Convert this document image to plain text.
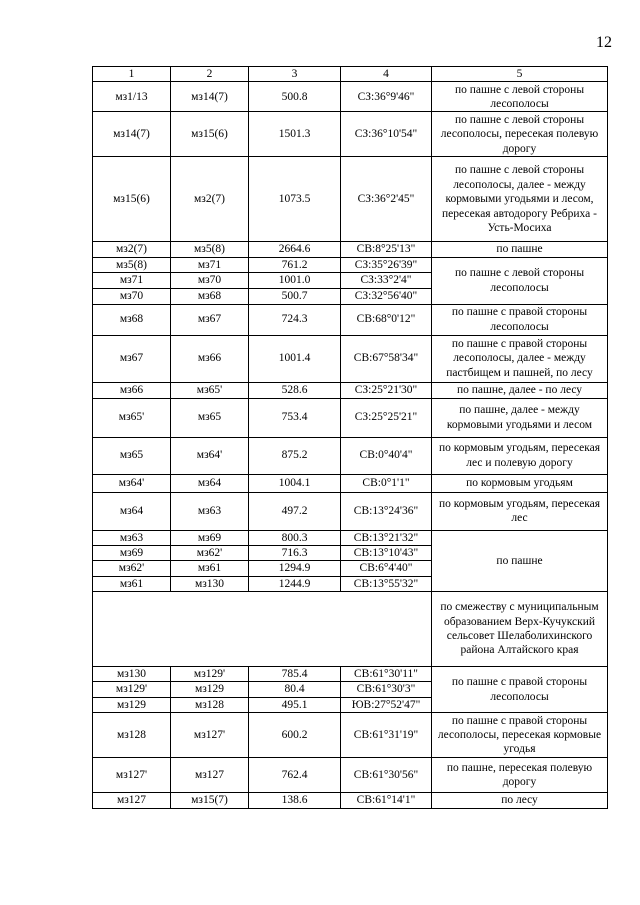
12
1	2	3	4	5
мз1/13	мз14(7)	500.8	СЗ:36°9'46"	по пашне с левой стороны лесополосы
мз14(7)	мз15(6)	1501.3	СЗ:36°10'54"	по пашне с левой стороны лесополосы, пересекая полевую дорогу
мз15(6)	мз2(7)	1073.5	СЗ:36°2'45"	по пашне с левой стороны лесополосы, далее - между кормовыми угодьями и лесом, пересекая автодорогу Ребриха - Усть-Мосиха
мз2(7)	мз5(8)	2664.6	СВ:8°25'13"	по пашне
мз5(8)	мз71	761.2	СЗ:35°26'39"	по пашне с левой стороны лесополосы
мз71	мз70	1001.0	СЗ:33°2'4"	
мз70	мз68	500.7	СЗ:32°56'40"	
мз68	мз67	724.3	СВ:68°0'12"	по пашне с правой стороны лесополосы
мз67	мз66	1001.4	СВ:67°58'34"	по пашне с правой стороны лесополосы, далее - между пастбищем и пашней, по лесу
мз66	мз65'	528.6	СЗ:25°21'30"	по пашне, далее - по лесу
мз65'	мз65	753.4	СЗ:25°25'21"	по пашне, далее - между кормовыми угодьями и лесом
мз65	мз64'	875.2	СВ:0°40'4"	по кормовым угодьям, пересекая лес и полевую дорогу
мз64'	мз64	1004.1	СВ:0°1'1"	по кормовым угодьям
мз64	мз63	497.2	СВ:13°24'36"	по кормовым угодьям, пересекая лес
мз63	мз69	800.3	СВ:13°21'32"	по пашне
мз69	мз62'	716.3	СВ:13°10'43"	
мз62'	мз61	1294.9	СВ:6°4'40"	
мз61	мз130	1244.9	СВ:13°55'32"	
				по смежеству с муниципальным образованием Верх-Кучукский сельсовет Шелаболихинского района Алтайского края
мз130	мз129'	785.4	СВ:61°30'11"	по пашне с правой стороны лесополосы
мз129'	мз129	80.4	СВ:61°30'3"	
мз129	мз128	495.1	ЮВ:27°52'47"	
мз128	мз127'	600.2	СВ:61°31'19"	по пашне с правой стороны лесополосы, пересекая кормовые угодья
мз127'	мз127	762.4	СВ:61°30'56"	по пашне, пересекая полевую дорогу
мз127	мз15(7)	138.6	СВ:61°14'1"	по лесу
